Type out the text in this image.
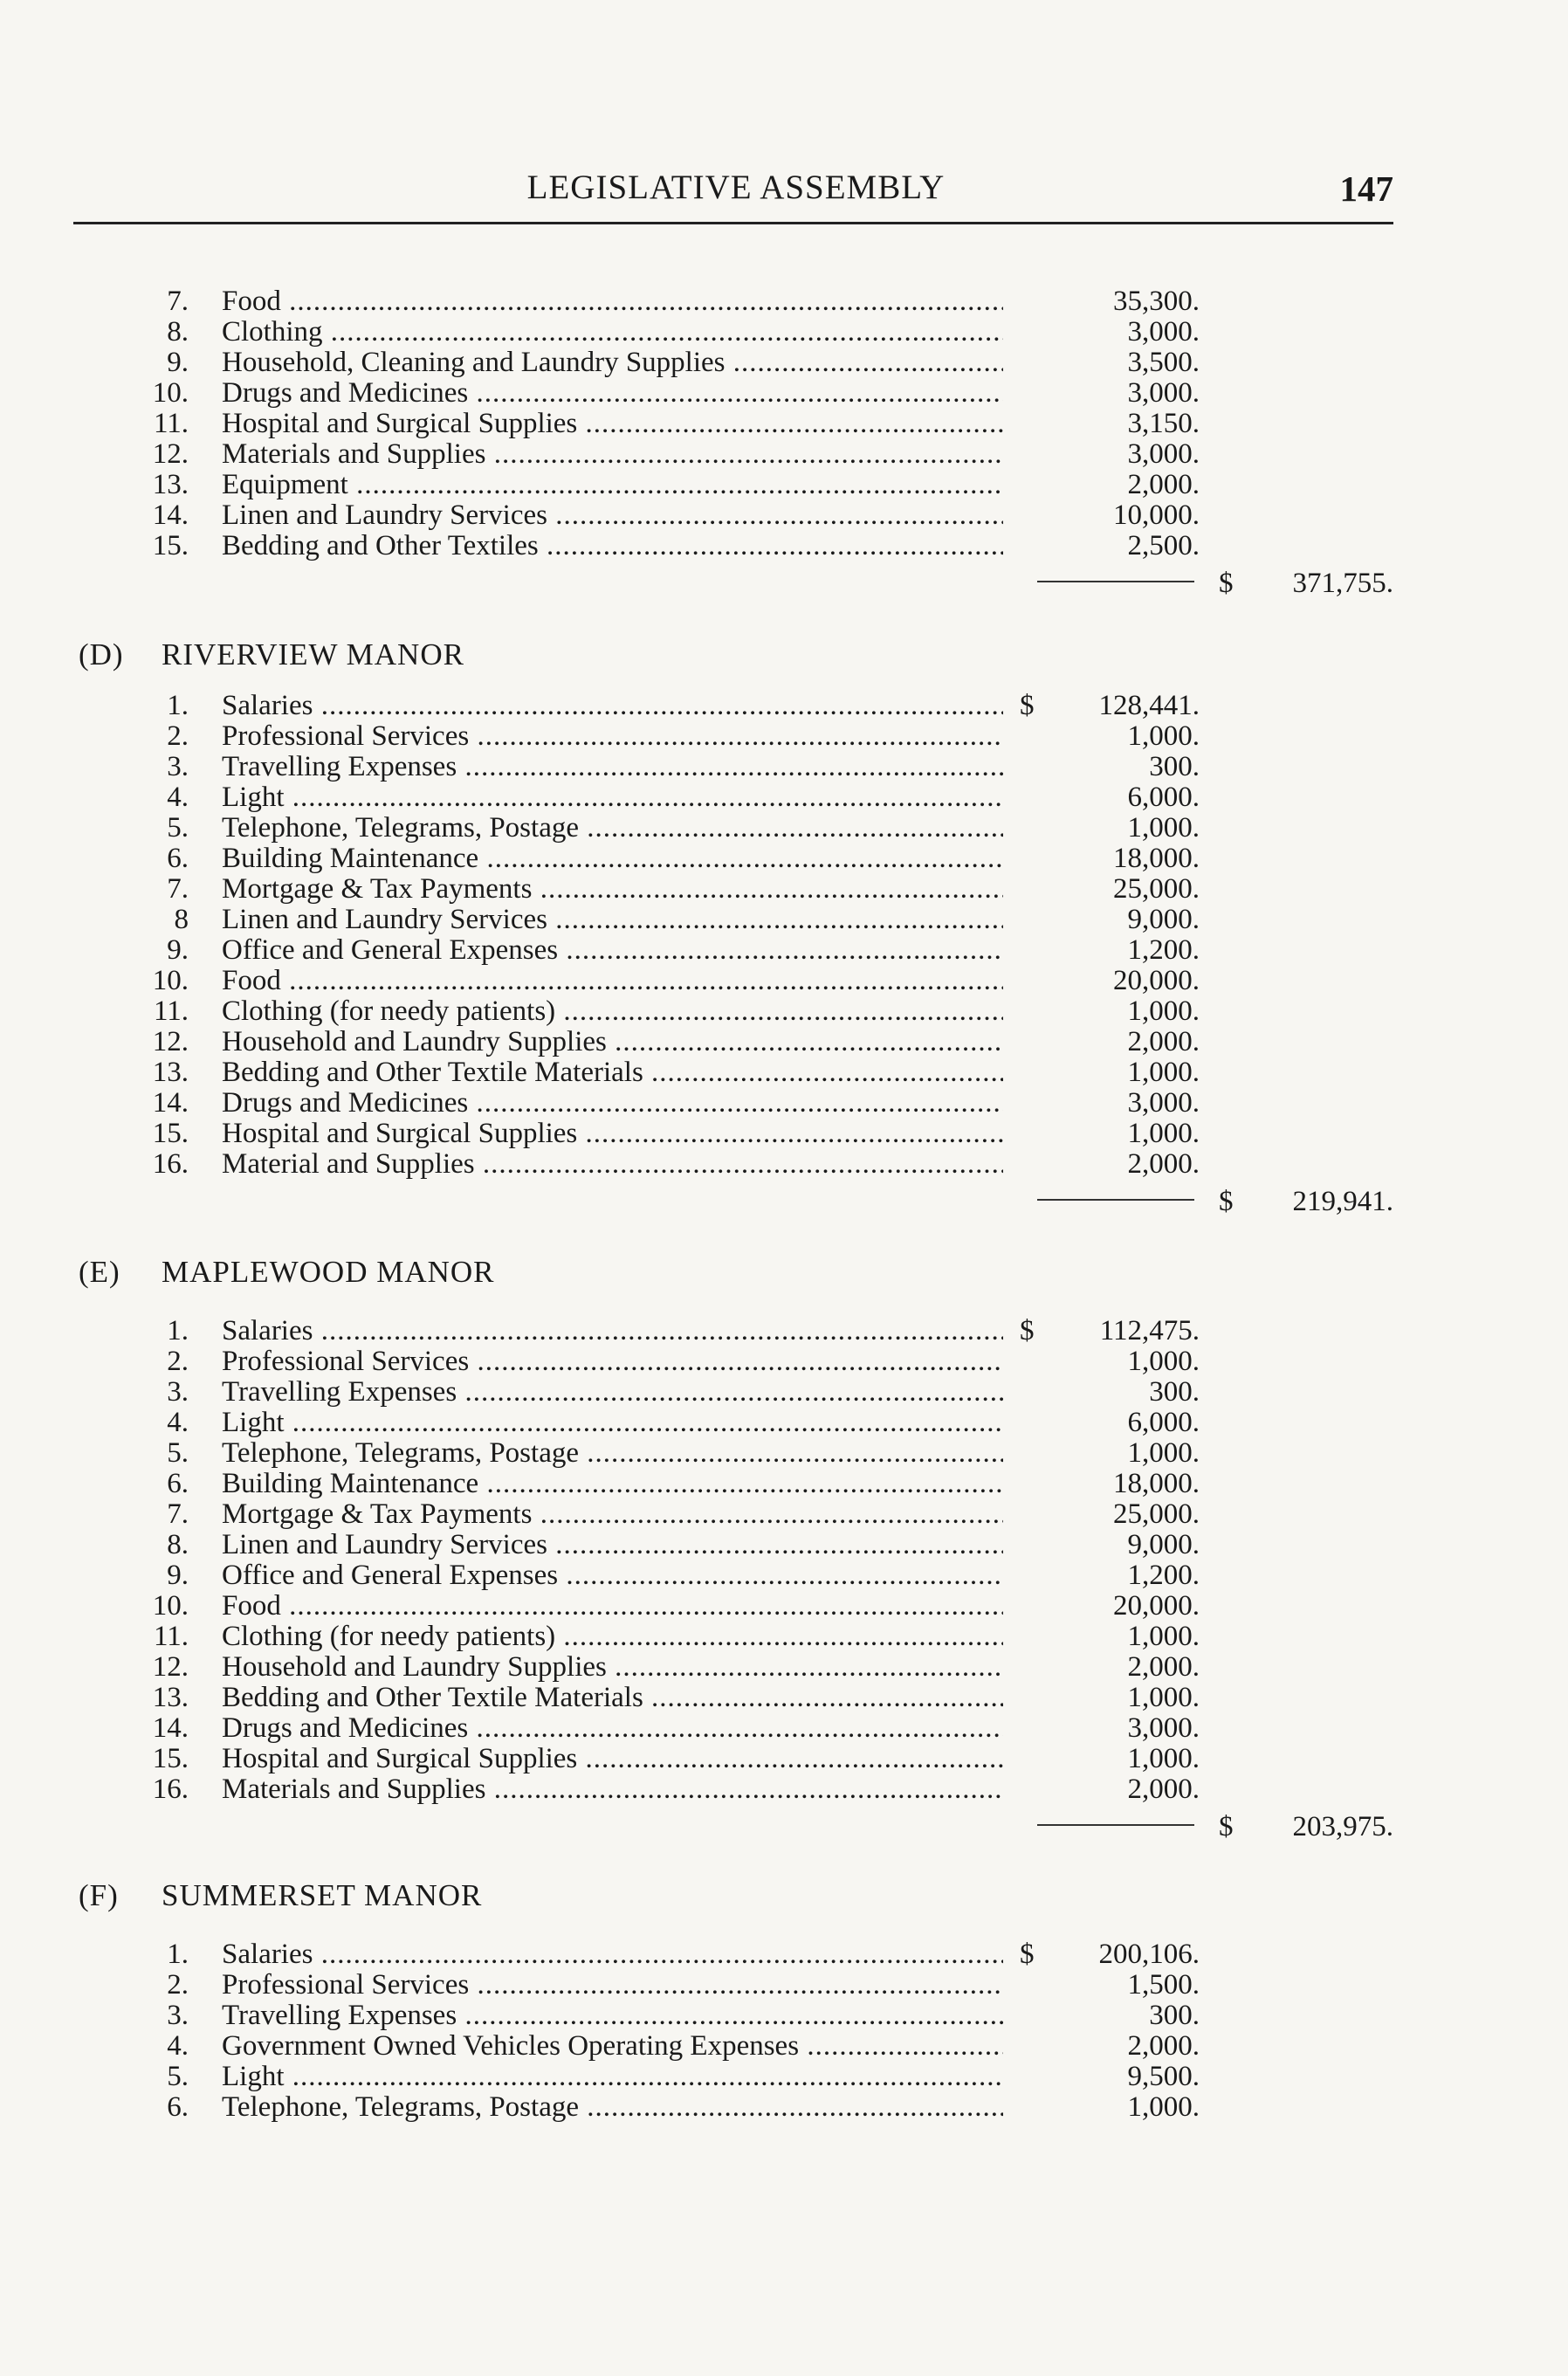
LEGISLATIVE ASSEMBLY	147
7. Food .....	35,300.
8. Clothing .....	3,000.
9. Household, Cleaning and Laundry Supplies .....	3,500.
10. Drugs and Medicines .....	3,000.
11. Hospital and Surgical Supplies .....	3,150.
12. Materials and Supplies .....	3,000.
13. Equipment .....	2,000.
14. Linen and Laundry Services .....	10,000.
15. Bedding and Other Textiles .....	2,500.
$ 371,755.
(D) RIVERVIEW MANOR
1. Salaries .....	$ 128,441.
2. Professional Services .....	1,000.
3. Travelling Expenses .....	300.
4. Light .....	6,000.
5. Telephone, Telegrams, Postage .....	1,000.
6. Building Maintenance .....	18,000.
7. Mortgage & Tax Payments .....	25,000.
8 Linen and Laundry Services .....	9,000.
9. Office and General Expenses .....	1,200.
10. Food .....	20,000.
11. Clothing (for needy patients) .....	1,000.
12. Household and Laundry Supplies .....	2,000.
13. Bedding and Other Textile Materials .....	1,000.
14. Drugs and Medicines .....	3,000.
15. Hospital and Surgical Supplies .....	1,000.
16. Material and Supplies .....	2,000.
$ 219,941.
(E) MAPLEWOOD MANOR
1. Salaries .....	$ 112,475.
2. Professional Services .....	1,000.
3. Travelling Expenses .....	300.
4. Light .....	6,000.
5. Telephone, Telegrams, Postage .....	1,000.
6. Building Maintenance .....	18,000.
7. Mortgage & Tax Payments .....	25,000.
8. Linen and Laundry Services .....	9,000.
9. Office and General Expenses .....	1,200.
10. Food .....	20,000.
11. Clothing (for needy patients) .....	1,000.
12. Household and Laundry Supplies .....	2,000.
13. Bedding and Other Textile Materials .....	1,000.
14. Drugs and Medicines .....	3,000.
15. Hospital and Surgical Supplies .....	1,000.
16. Materials and Supplies .....	2,000.
$ 203,975.
(F) SUMMERSET MANOR
1. Salaries .....	$ 200,106.
2. Professional Services .....	1,500.
3. Travelling Expenses .....	300.
4. Government Owned Vehicles Operating Expenses .....	2,000.
5. Light .....	9,500.
6. Telephone, Telegrams, Postage .....	1,000.
